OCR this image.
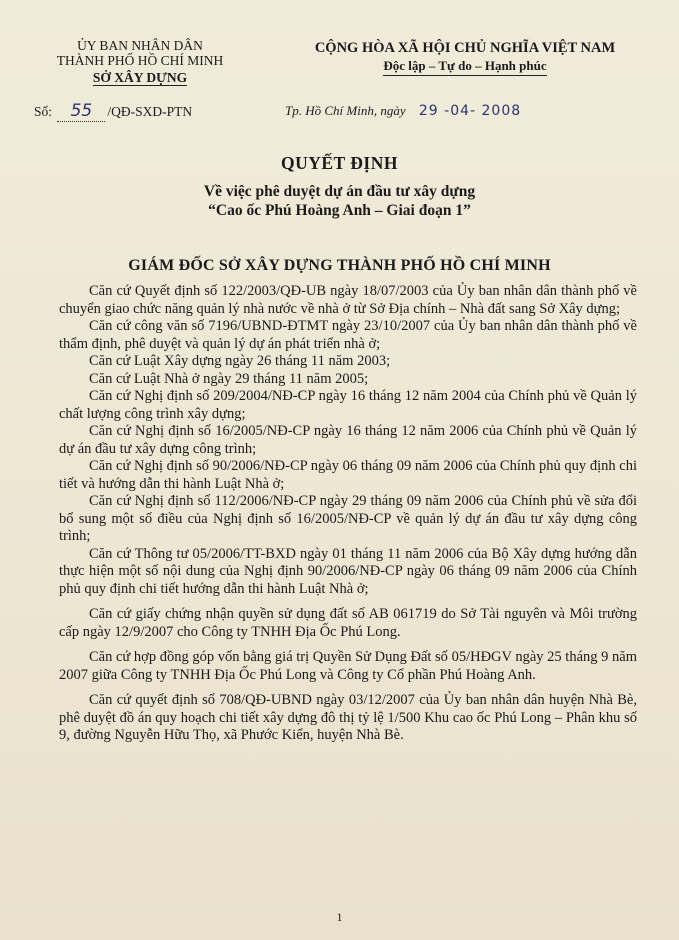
ỦY BAN NHÂN DÂN
THÀNH PHỐ HỒ CHÍ MINH
SỞ XÂY DỰNG
CỘNG HÒA XÃ HỘI CHỦ NGHĨA VIỆT NAM
Độc lập – Tự do – Hạnh phúc
Số: 55 /QĐ-SXD-PTN	Tp. Hồ Chí Minh, ngày 29 -04- 2008
QUYẾT ĐỊNH
Về việc phê duyệt dự án đầu tư xây dựng
“Cao ốc Phú Hoàng Anh – Giai đoạn 1”
GIÁM ĐỐC SỞ XÂY DỰNG THÀNH PHỐ HỒ CHÍ MINH

Căn cứ Quyết định số 122/2003/QĐ-UB ngày 18/07/2003 của Ủy ban nhân dân thành phố về chuyển giao chức năng quản lý nhà nước về nhà ở từ Sở Địa chính – Nhà đất sang Sở Xây dựng;

Căn cứ công văn số 7196/UBND-ĐTMT ngày 23/10/2007 của Ủy ban nhân dân thành phố về thẩm định, phê duyệt và quản lý dự án phát triển nhà ở;

Căn cứ Luật Xây dựng ngày 26 tháng 11 năm 2003;

Căn cứ Luật Nhà ở ngày 29 tháng 11 năm 2005;

Căn cứ Nghị định số 209/2004/NĐ-CP ngày 16 tháng 12 năm 2004 của Chính phủ về Quản lý chất lượng công trình xây dựng;

Căn cứ Nghị định số 16/2005/NĐ-CP ngày 16 tháng 12 năm 2006 của Chính phủ về Quản lý dự án đầu tư xây dựng công trình;

Căn cứ Nghị định số 90/2006/NĐ-CP ngày 06 tháng 09 năm 2006 của Chính phủ quy định chi tiết và hướng dẫn thi hành Luật Nhà ở;

Căn cứ Nghị định số 112/2006/NĐ-CP ngày 29 tháng 09 năm 2006 của Chính phủ về sửa đổi bổ sung một số điều của Nghị định số 16/2005/NĐ-CP về quản lý dự án đầu tư xây dựng công trình;

Căn cứ Thông tư 05/2006/TT-BXD ngày 01 tháng 11 năm 2006 của Bộ Xây dựng hướng dẫn thực hiện một số nội dung của Nghị định 90/2006/NĐ-CP ngày 06 tháng 09 năm 2006 của Chính phủ quy định chi tiết hướng dẫn thi hành Luật Nhà ở;

Căn cứ giấy chứng nhận quyền sử dụng đất số AB 061719 do Sở Tài nguyên và Môi trường cấp ngày 12/9/2007 cho Công ty TNHH Địa Ốc Phú Long.

Căn cứ hợp đồng góp vốn bằng giá trị Quyền Sử Dụng Đất số 05/HĐGV ngày 25 tháng 9 năm 2007 giữa Công ty TNHH Địa Ốc Phú Long và Công ty Cổ phần Phú Hoàng Anh.

Căn cứ quyết định số 708/QĐ-UBND ngày 03/12/2007 của Ủy ban nhân dân huyện Nhà Bè, phê duyệt đồ án quy hoạch chi tiết xây dựng đô thị tỷ lệ 1/500 Khu cao ốc Phú Long – Phân khu số 9, đường Nguyễn Hữu Thọ, xã Phước Kiển, huyện Nhà Bè.

1
